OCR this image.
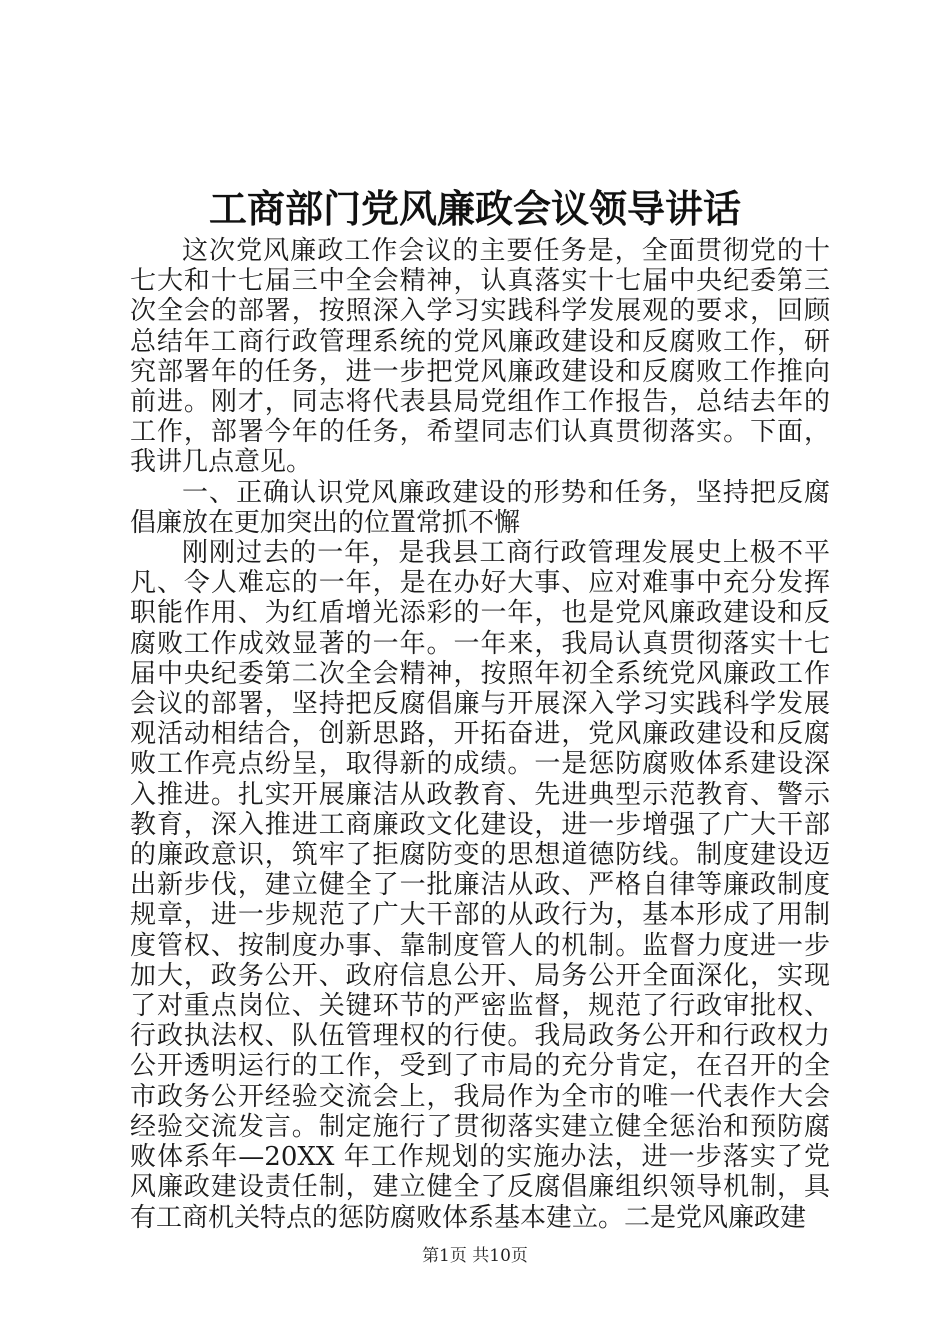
工商部门党风廉政会议领导讲话

这次党风廉政工作会议的主要任务是，全面贯彻党的十七大和十七届三中全会精神，认真落实十七届中央纪委第三次全会的部署，按照深入学习实践科学发展观的要求，回顾总结年工商行政管理系统的党风廉政建设和反腐败工作，研究部署年的任务，进一步把党风廉政建设和反腐败工作推向前进。刚才，同志将代表县局党组作工作报告，总结去年的工作，部署今年的任务，希望同志们认真贯彻落实。下面，我讲几点意见。

一、正确认识党风廉政建设的形势和任务，坚持把反腐倡廉放在更加突出的位置常抓不懈

刚刚过去的一年，是我县工商行政管理发展史上极不平凡、令人难忘的一年，是在办好大事、应对难事中充分发挥职能作用、为红盾增光添彩的一年，也是党风廉政建设和反腐败工作成效显著的一年。一年来，我局认真贯彻落实十七届中央纪委第二次全会精神，按照年初全系统党风廉政工作会议的部署，坚持把反腐倡廉与开展深入学习实践科学发展观活动相结合，创新思路，开拓奋进，党风廉政建设和反腐败工作亮点纷呈，取得新的成绩。一是惩防腐败体系建设深入推进。扎实开展廉洁从政教育、先进典型示范教育、警示教育，深入推进工商廉政文化建设，进一步增强了广大干部的廉政意识，筑牢了拒腐防变的思想道德防线。制度建设迈出新步伐，建立健全了一批廉洁从政、严格自律等廉政制度规章，进一步规范了广大干部的从政行为，基本形成了用制度管权、按制度办事、靠制度管人的机制。监督力度进一步加大，政务公开、政府信息公开、局务公开全面深化，实现了对重点岗位、关键环节的严密监督，规范了行政审批权、行政执法权、队伍管理权的行使。我局政务公开和行政权力公开透明运行的工作，受到了市局的充分肯定，在召开的全市政务公开经验交流会上，我局作为全市的唯一代表作大会经验交流发言。制定施行了贯彻落实建立健全惩治和预防腐败体系年—20XX 年工作规划的实施办法，进一步落实了党风廉政建设责任制，建立健全了反腐倡廉组织领导机制，具有工商机关特点的惩防腐败体系基本建立。二是党风廉政建

第1页 共10页
